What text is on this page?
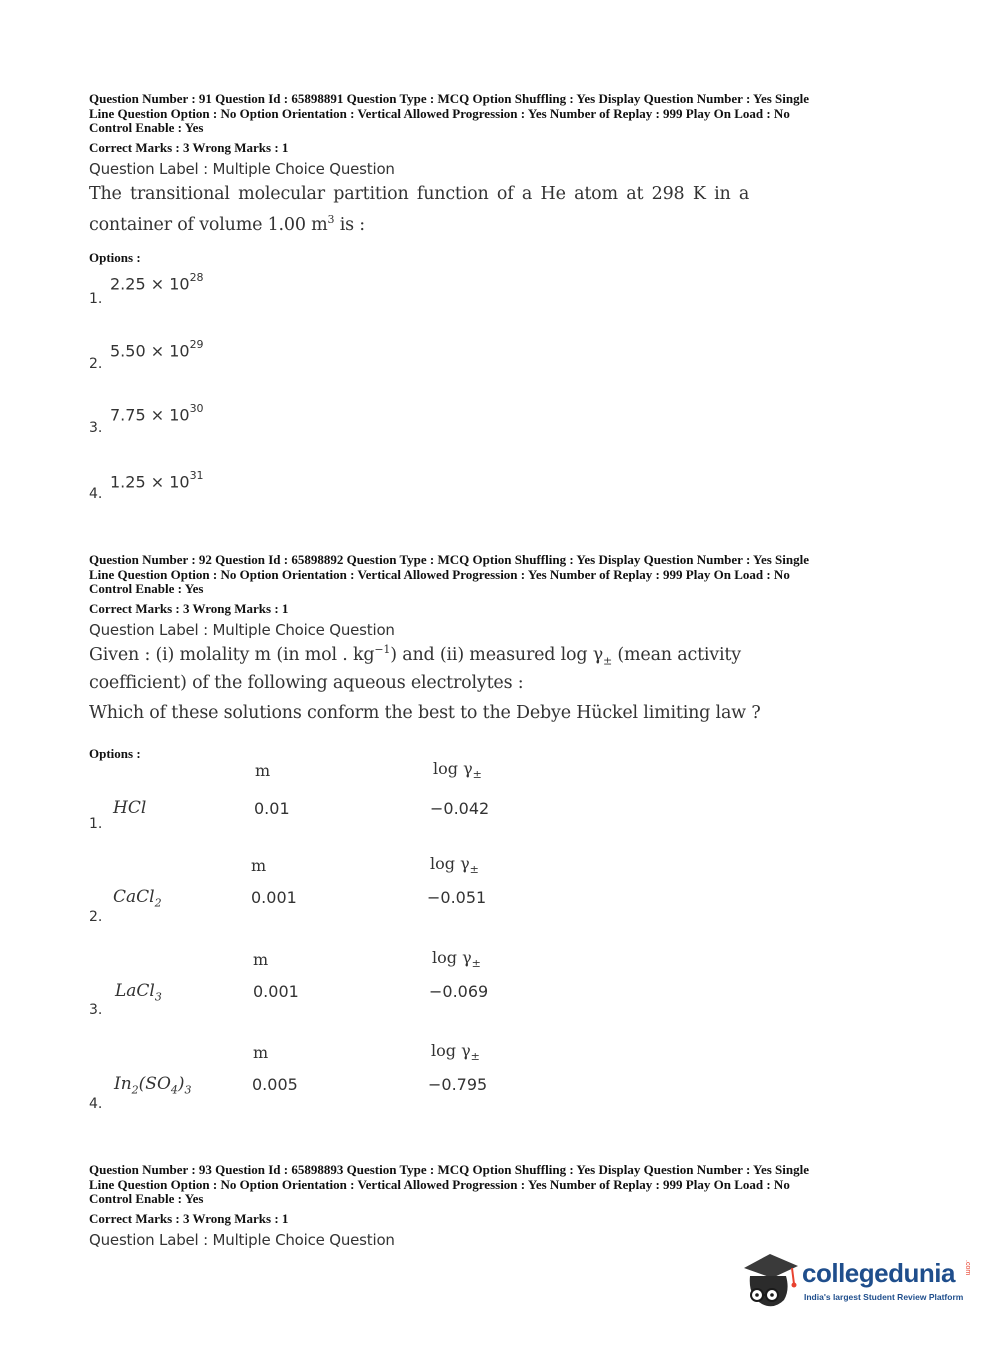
Question Number : 91 Question Id : 65898891 Question Type : MCQ Option Shuffling : Yes Display Question Number : Yes Single
Line Question Option : No Option Orientation : Vertical Allowed Progression : Yes Number of Replay : 999 Play On Load : No
Control Enable : Yes
Correct Marks : 3 Wrong Marks : 1
Question Label : Multiple Choice Question
The transitional molecular partition function of a He atom at 298 K in a
container of volume 1.00 $m^3$ is :
Options :
$2.25 \times 10^{28}$
1.
$5.50 \times 10^{29}$
2.
$7.75 \times 10^{30}$
3.
$1.25 \times 10^{31}$
4.
Question Number : 92 Question Id : 65898892 Question Type : MCQ Option Shuffling : Yes Display Question Number : Yes Single
Line Question Option : No Option Orientation : Vertical Allowed Progression : Yes Number of Replay : 999 Play On Load : No
Control Enable : Yes
Correct Marks : 3 Wrong Marks : 1
Question Label : Multiple Choice Question
Given : (i) molality m (in mol . $kg^{-1}$) and (ii) measured $\log \gamma_\pm$ (mean activity
coefficient) of the following aqueous electrolytes :
Which of these solutions conform the best to the Debye Hückel limiting law ?
Options :
m	$\log \gamma_\pm$
HCl	0.01	−0.042
1.
m	$\log \gamma_\pm$
CaCl$_2$	0.001	−0.051
2.
m	$\log \gamma_\pm$
LaCl$_3$	0.001	−0.069
3.
m	$\log \gamma_\pm$
$In_2(SO_4)_3$	0.005	−0.795
4.
Question Number : 93 Question Id : 65898893 Question Type : MCQ Option Shuffling : Yes Display Question Number : Yes Single
Line Question Option : No Option Orientation : Vertical Allowed Progression : Yes Number of Replay : 999 Play On Load : No
Control Enable : Yes
Correct Marks : 3 Wrong Marks : 1
Question Label : Multiple Choice Question
collegedunia .com
India's largest Student Review Platform
